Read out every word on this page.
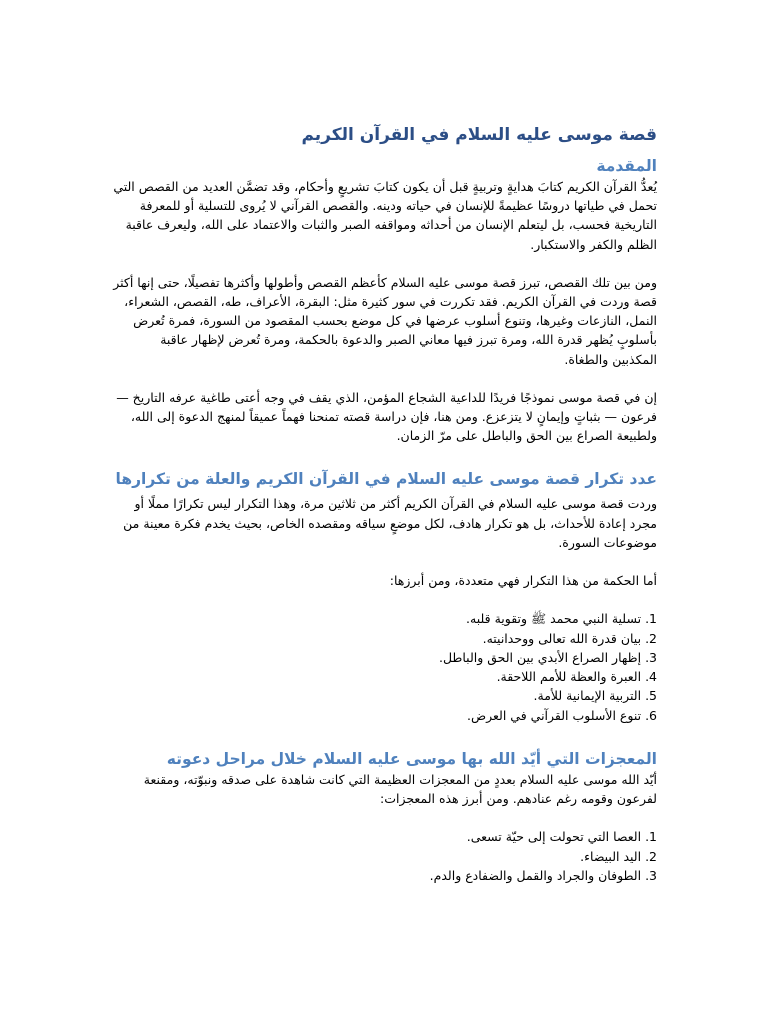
قصة موسى عليه السلام في القرآن الكريم
المقدمة

يُعدُّ القرآن الكريم كتابَ هدايةٍ وتربيةٍ قبل أن يكون كتابَ تشريعٍ وأحكام، وقد تضمَّن العديد من القصص التي تحمل في طياتها دروسًا عظيمةً للإنسان في حياته ودينه. والقصص القرآني لا يُروى للتسلية أو للمعرفة التاريخية فحسب، بل ليتعلم الإنسان من أحداثه ومواقفه الصبر والثبات والاعتماد على الله، وليعرف عاقبة الظلم والكفر والاستكبار.

ومن بين تلك القصص، تبرز قصة موسى عليه السلام كأعظم القصص وأطولها وأكثرها تفصيلًا، حتى إنها أكثر قصة وردت في القرآن الكريم. فقد تكررت في سور كثيرة مثل: البقرة، الأعراف، طه، القصص، الشعراء، النمل، النازعات وغيرها، وتنوع أسلوب عرضها في كل موضع بحسب المقصود من السورة، فمرة تُعرض بأسلوبٍ يُظهر قدرة الله، ومرة تبرز فيها معاني الصبر والدعوة بالحكمة، ومرة تُعرض لإظهار عاقبة المكذبين والطغاة.

إن في قصة موسى نموذجًا فريدًا للداعية الشجاع المؤمن، الذي يقف في وجه أعتى طاغية عرفه التاريخ — فرعون — بثباتٍ وإيمانٍ لا يتزعزع. ومن هنا، فإن دراسة قصته تمنحنا فهماً عميقاً لمنهج الدعوة إلى الله، ولطبيعة الصراع بين الحق والباطل على مرّ الزمان.

عدد تكرار قصة موسى عليه السلام في القرآن الكريم والعلة من تكرارها

وردت قصة موسى عليه السلام في القرآن الكريم أكثر من ثلاثين مرة، وهذا التكرار ليس تكرارًا مملًا أو مجرد إعادة للأحداث، بل هو تكرار هادف، لكل موضعٍ سياقه ومقصده الخاص، بحيث يخدم فكرة معينة من موضوعات السورة.

أما الحكمة من هذا التكرار فهي متعددة، ومن أبرزها:

1. تسلية النبي محمد ﷺ وتقوية قلبه.

2. بيان قدرة الله تعالى ووحدانيته.

3. إظهار الصراع الأبدي بين الحق والباطل.

4. العبرة والعظة للأمم اللاحقة.

5. التربية الإيمانية للأمة.

6. تنوع الأسلوب القرآني في العرض.

المعجزات التي أيّد الله بها موسى عليه السلام خلال مراحل دعوته

أيّد الله موسى عليه السلام بعددٍ من المعجزات العظيمة التي كانت شاهدة على صدقه ونبوّته، ومقنعة لفرعون وقومه رغم عنادهم. ومن أبرز هذه المعجزات:

1. العصا التي تحولت إلى حيّة تسعى.

2. اليد البيضاء.

3. الطوفان والجراد والقمل والضفادع والدم.
